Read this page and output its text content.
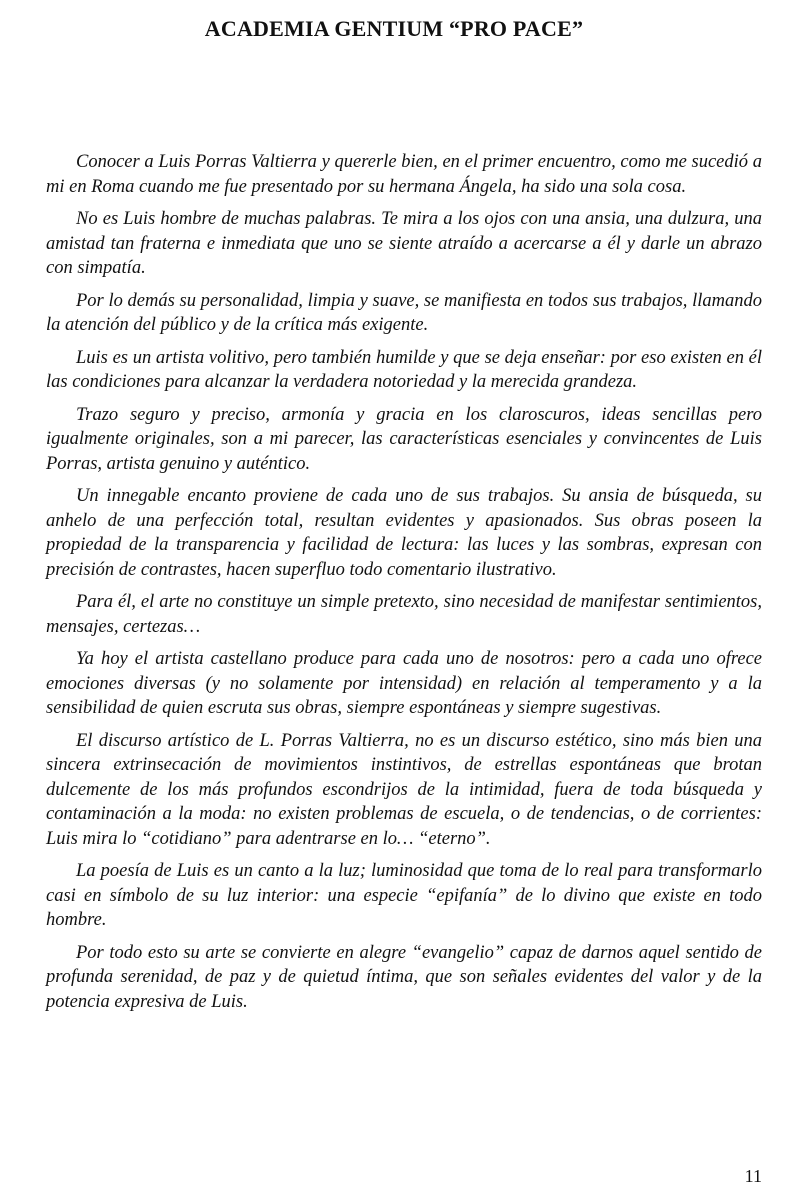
ACADEMIA GENTIUM “PRO PACE”

Conocer a Luis Porras Valtierra y quererle bien, en el primer encuentro, como me sucedió a mi en Roma cuando me fue presentado por su hermana Ángela, ha sido una sola cosa.

No es Luis hombre de muchas palabras. Te mira a los ojos con una ansia, una dulzura, una amistad tan fraterna e inmediata que uno se siente atraído a acercarse a él y darle un abrazo con simpatía.

Por lo demás su personalidad, limpia y suave, se manifiesta en todos sus trabajos, llamando la atención del público y de la crítica más exigente.

Luis es un artista volitivo, pero también humilde y que se deja enseñar: por eso existen en él las condiciones para alcanzar la verdadera notoriedad y la merecida grandeza.

Trazo seguro y preciso, armonía y gracia en los claroscuros, ideas sencillas pero igualmente originales, son a mi parecer, las características esenciales y convincentes de Luis Porras, artista genuino y auténtico.

Un innegable encanto proviene de cada uno de sus trabajos. Su ansia de búsqueda, su anhelo de una perfección total, resultan evidentes y apasionados. Sus obras poseen la propiedad de la transparencia y facilidad de lectura: las luces y las sombras, expresan con precisión de contrastes, hacen superfluo todo comentario ilustrativo.

Para él, el arte no constituye un simple pretexto, sino necesidad de manifestar sentimientos, mensajes, certezas…

Ya hoy el artista castellano produce para cada uno de nosotros: pero a cada uno ofrece emociones diversas (y no solamente por intensidad) en relación al temperamento y a la sensibilidad de quien escruta sus obras, siempre espontáneas y siempre sugestivas.

El discurso artístico de L. Porras Valtierra, no es un discurso estético, sino más bien una sincera extrinsecación de movimientos instintivos, de estrellas espontáneas que brotan dulcemente de los más profundos escondrijos de la intimidad, fuera de toda búsqueda y contaminación a la moda: no existen problemas de escuela, o de tendencias, o de corrientes: Luis mira lo “cotidiano” para adentrarse en lo… “eterno”.

La poesía de Luis es un canto a la luz; luminosidad que toma de lo real para transformarlo casi en símbolo de su luz interior: una especie “epifanía” de lo divino que existe en todo hombre.

Por todo esto su arte se convierte en alegre “evangelio” capaz de darnos aquel sentido de profunda serenidad, de paz y de quietud íntima, que son señales evidentes del valor y de la potencia expresiva de Luis.

11
